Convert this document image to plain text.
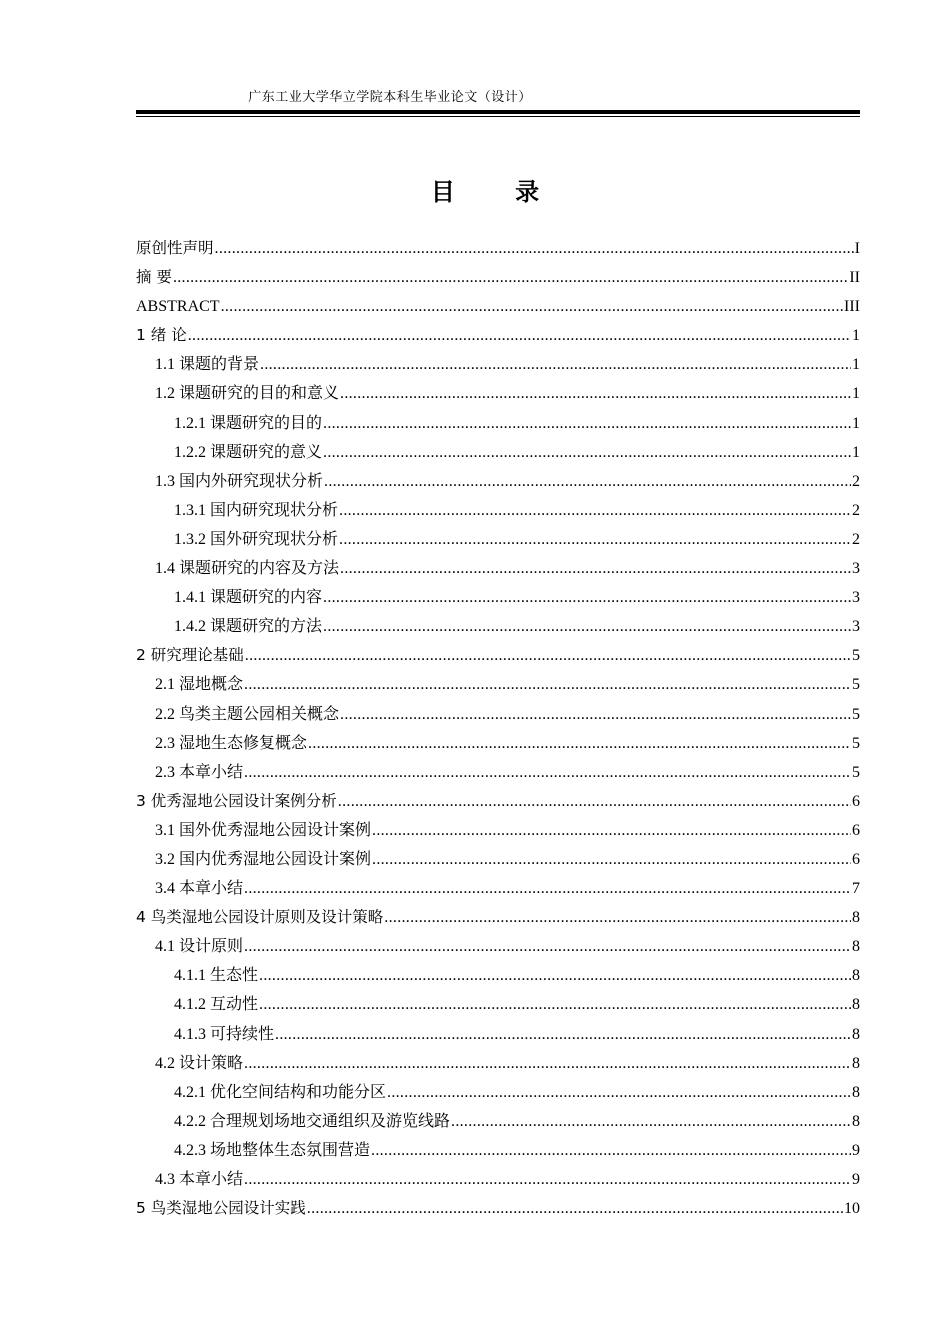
广东工业大学华立学院本科生毕业论文（设计）
目 录
原创性声明 .....	I
摘 要 .....	II
ABSTRACT .....	III
1 绪 论 .....	1
1.1 课题的背景 .....	1
1.2 课题研究的目的和意义 .....	1
1.2.1 课题研究的目的 .....	1
1.2.2 课题研究的意义 .....	1
1.3 国内外研究现状分析 .....	2
1.3.1 国内研究现状分析 .....	2
1.3.2 国外研究现状分析 .....	2
1.4 课题研究的内容及方法 .....	3
1.4.1 课题研究的内容 .....	3
1.4.2 课题研究的方法 .....	3
2 研究理论基础 .....	5
2.1 湿地概念 .....	5
2.2 鸟类主题公园相关概念 .....	5
2.3 湿地生态修复概念 .....	5
2.3 本章小结 .....	5
3 优秀湿地公园设计案例分析 .....	6
3.1 国外优秀湿地公园设计案例 .....	6
3.2 国内优秀湿地公园设计案例 .....	6
3.4 本章小结 .....	7
4 鸟类湿地公园设计原则及设计策略 .....	8
4.1 设计原则 .....	8
4.1.1 生态性 .....	8
4.1.2 互动性 .....	8
4.1.3 可持续性 .....	8
4.2 设计策略 .....	8
4.2.1 优化空间结构和功能分区 .....	8
4.2.2 合理规划场地交通组织及游览线路 .....	8
4.2.3 场地整体生态氛围营造 .....	9
4.3 本章小结 .....	9
5 鸟类湿地公园设计实践 .....	10
